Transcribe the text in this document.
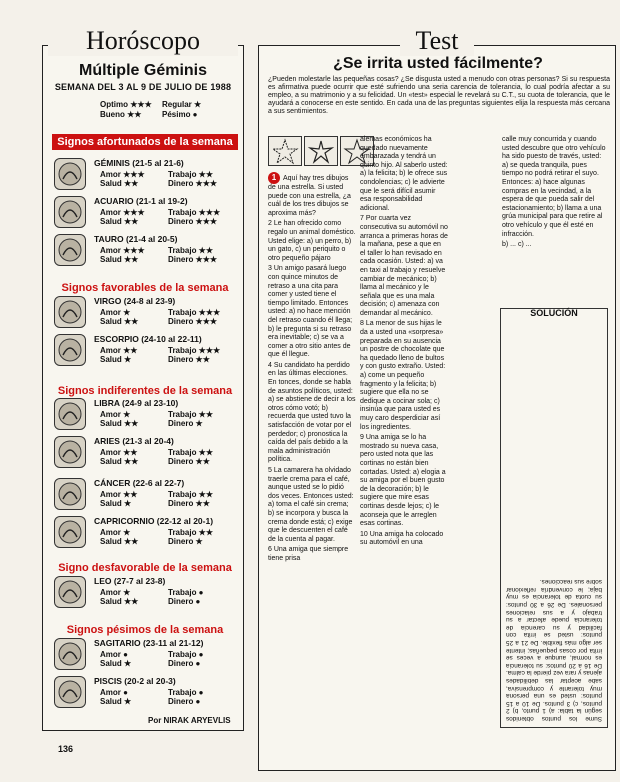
Horóscopo
Múltiple Géminis
SEMANA DEL 3 AL 9 DE JULIO DE 1988
Optimo ★★★ Regular ★
Bueno ★★	Pésimo ●
Signos afortunados de la semana
GÉMINIS (21-5 al 21-6)
Amor ★★★	Trabajo ★★
Salud ★★	Dinero ★★★
ACUARIO (21-1 al 19-2)
Amor ★★★	Trabajo ★★★
Salud ★★	Dinero ★★★
TAURO (21-4 al 20-5)
Amor ★★★	Trabajo ★★
Salud ★★	Dinero ★★★
VIRGO (24-8 al 23-9)
Amor ★	Trabajo ★★★
Salud ★★	Dinero ★★★
ESCORPIO (24-10 al 22-11)
Amor ★★	Trabajo ★★★
Salud ★	Dinero ★★
LIBRA (24-9 al 23-10)
Amor ★	Trabajo ★★
Salud ★★	Dinero ★
ARIES (21-3 al 20-4)
Amor ★★	Trabajo ★★
Salud ★★	Dinero ★★
CÁNCER (22-6 al 22-7)
Amor ★★	Trabajo ★★
Salud ★	Dinero ★★
CAPRICORNIO (22-12 al 20-1)
Amor ★	Trabajo ★★
Salud ★★	Dinero ★
LEO (27-7 al 23-8)
Amor ★	Trabajo ●
Salud ★★	Dinero ●
SAGITARIO (23-11 al 21-12)
Amor ●	Trabajo ●
Salud ★	Dinero ●
PISCIS (20-2 al 20-3)
Amor ●	Trabajo ●
Salud ★	Dinero ●
Signos favorables de la semana
Signos indiferentes de la semana
Signo desfavorable de la semana
Signos pésimos de la semana
Por NIRAK ARYEVLIS
Test
¿Se irrita usted fácilmente?
¿Pueden molestarle las pequeñas cosas? ¿Se disgusta usted a menudo con otras personas? Si su respuesta es afirmativa puede ocurrir que esté sufriendo una seria carencia de tolerancia, lo cual podría afectar a su empleo, a su matrimonio y a su felicidad. Un «test» especial le revelará su C.T., su cuota de tolerancia, que le ayudará a conocerse en este sentido. En cada una de las preguntas siguientes elija la respuesta más cercana a sus sentimientos.

1 Aquí hay tres dibujos de una estrella. Si usted puede con una estrella, ¿a cuál de los tres dibujos se aproxima más?

2 Le han ofrecido como regalo un animal doméstico. Usted elige: a) un perro, b) un gato, c) un periquito o otro pequeño pájaro

3 Un amigo pasará luego con quince minutos de retraso a una cita para comer y usted tiene el tiempo limitado. Entonces usted: a) no hace mención del retraso cuando él llega; b) le pregunta si su retraso era inevitable; c) se va a comer a otro sitio antes de que él llegue.

4 Su candidato ha perdido en las últimas elecciones. En tonces, donde se habla de asuntos políticos, usted: a) se abstiene de decir a los otros cómo votó; b) recuerda que usted tuvo la satisfacción de votar por el perdedor; c) pronostica la caída del país debido a la mala administración política.

5 La camarera ha olvidado traerle crema para el café, aunque usted se lo pidió dos veces. Entonces usted: a) toma el café sin crema; b) se incorpora y busca la crema donde está; c) exige que le descuenten el café de la cuenta al pagar.

6 Una amiga que siempre tiene prisa

alemas económicos ha quedado nuevamente embarazada y tendrá un quinto hijo. Al saberlo usted: a) la felicita; b) le ofrece sus condolencias; c) le advierte que le será difícil asumir esa responsabilidad adicional.

7 Por cuarta vez consecutiva su automóvil no arranca a primeras horas de la mañana, pese a que en el taller lo han revisado en cada ocasión. Usted: a) va en taxi al trabajo y resuelve cambiar de mecánico; b) llama al mecánico y le señala que es una mala decisión; c) amenaza con demandar al mecánico.

8 La menor de sus hijas le da a usted una «sorpresa» preparada en su ausencia un postre de chocolate que ha quedado lleno de bultos y con gusto extraño. Usted: a) come un pequeño fragmento y la felicita; b) sugiere que ella no se dedique a cocinar sola; c) insinúa que para usted es muy caro desperdiciar así los ingredientes.

9 Una amiga se lo ha mostrado su nueva casa, pero usted nota que las cortinas no están bien cortadas. Usted: a) elogia a su amiga por el buen gusto de la decoración; b) le sugiere que mire esas cortinas desde lejos; c) le aconseja que le arreglen esas cortinas.

10 Una amiga ha colocado su automóvil en una

calle muy concurrida y cuando usted descubre que otro vehículo ha sido puesto de través, usted: a) se queda tranquila, pues tiempo no podrá retirar el suyo. Entonces: a) hace algunas compras en la vecindad, a la espera de que pueda salir del estacionamiento; b) llama a una grúa municipal para que retire al otro vehículo y que él esté en infracción.

b) ... c) ...

SOLUCIÓN
Sume los puntos obtenidos según la tabla: a) 1 punto, b) 2 puntos, c) 3 puntos. De 10 a 15 puntos: usted es una persona muy tolerante y comprensiva, sabe aceptar las debilidades ajenas y rara vez pierde la calma. De 16 a 20 puntos: su tolerancia es normal, aunque a veces se irrita por cosas pequeñas; intente ser algo más flexible. De 21 a 25 puntos: usted se irrita con facilidad y su carencia de tolerancia puede afectar a su trabajo y a sus relaciones personales. De 26 a 30 puntos: su cuota de tolerancia es muy baja; le convendría reflexionar sobre sus reacciones.
136
